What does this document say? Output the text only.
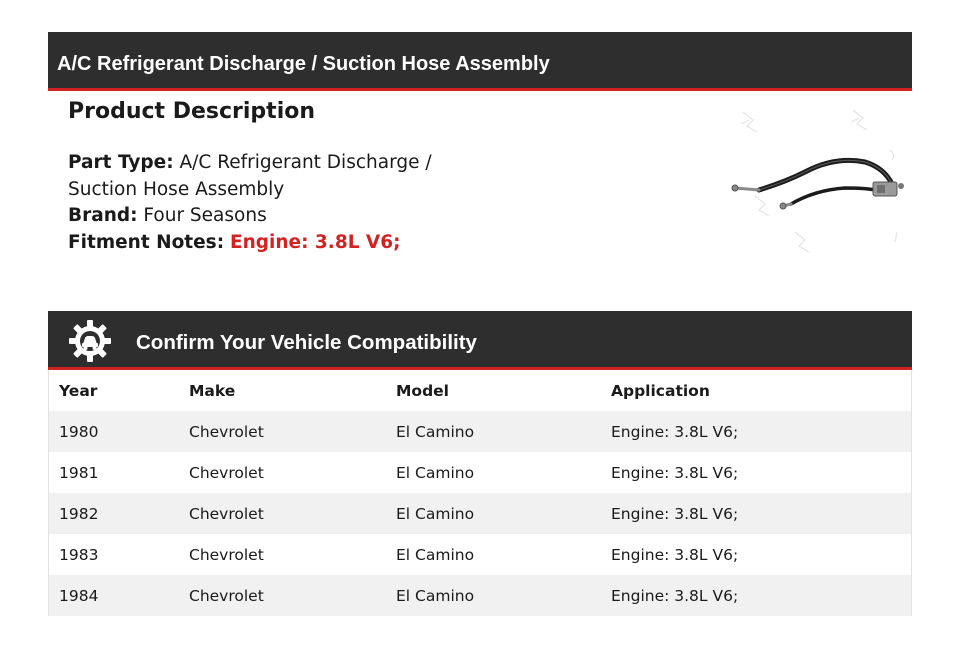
A/C Refrigerant Discharge / Suction Hose Assembly
Product Description
Part Type: A/C Refrigerant Discharge /
Suction Hose Assembly
Brand: Four Seasons
Fitment Notes: Engine: 3.8L V6;
Confirm Your Vehicle Compatibility
Year	Make	Model	Application
1980	Chevrolet	El Camino	Engine: 3.8L V6;
1981	Chevrolet	El Camino	Engine: 3.8L V6;
1982	Chevrolet	El Camino	Engine: 3.8L V6;
1983	Chevrolet	El Camino	Engine: 3.8L V6;
1984	Chevrolet	El Camino	Engine: 3.8L V6;
